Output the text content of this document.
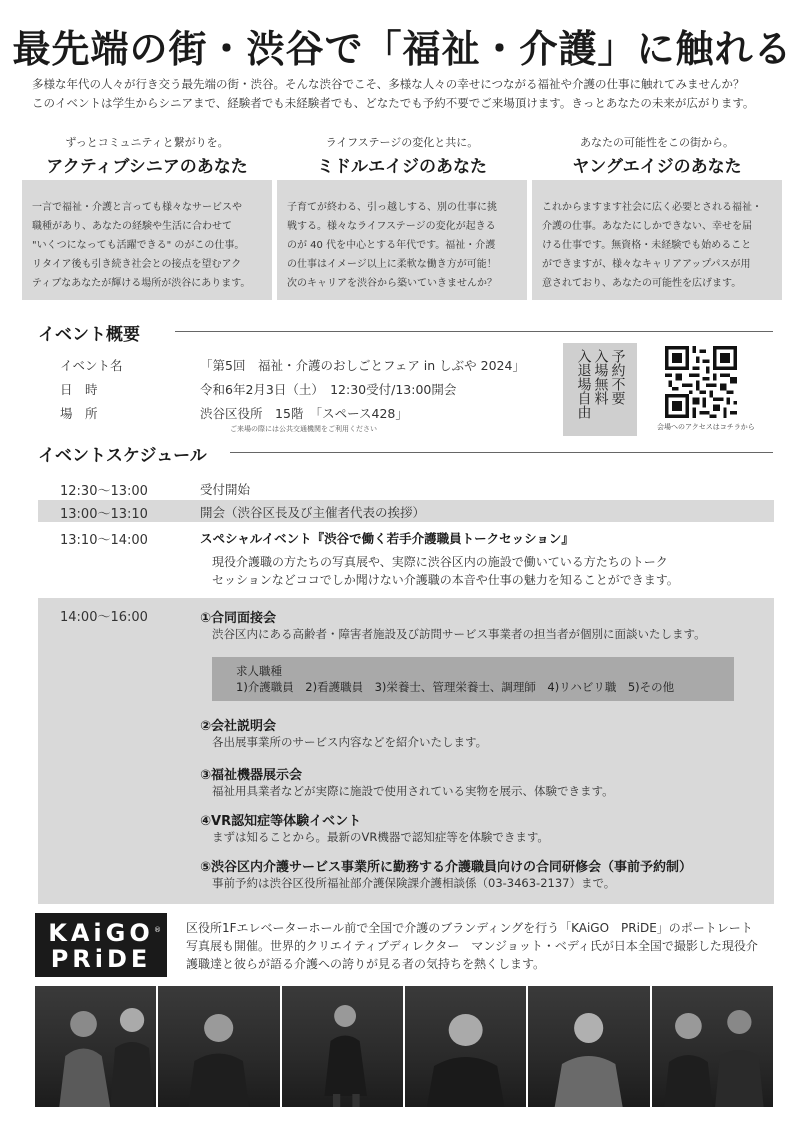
最先端の街・渋谷で「福祉・介護」に触れる
多様な年代の人々が行き交う最先端の街・渋谷。そんな渋谷でこそ、多様な人々の幸せにつながる福祉や介護の仕事に触れてみませんか？
このイベントは学生からシニアまで、経験者でも未経験者でも、どなたでも予約不要でご来場頂けます。きっとあなたの未来が広がります。
ずっとコミュニティと繋がりを。
アクティブシニアのあなた
一言で福祉・介護と言っても様々なサービスや
職種があり、あなたの経験や生活に合わせて
"いくつになっても活躍できる" のがこの仕事。
リタイア後も引き続き社会との接点を望むアク
ティブなあなたが輝ける場所が渋谷にあります。
ライフステージの変化と共に。
ミドルエイジのあなた
子育てが終わる、引っ越しする、別の仕事に挑
戦する。様々なライフステージの変化が起きる
のが 40 代を中心とする年代です。福祉・介護
の仕事はイメージ以上に柔軟な働き方が可能！
次のキャリアを渋谷から築いていきませんか？
あなたの可能性をこの街から。
ヤングエイジのあなた
これからますます社会に広く必要とされる福祉・
介護の仕事。あなたにしかできない、幸せを届
ける仕事です。無資格・未経験でも始めること
ができますが、様々なキャリアアップパスが用
意されており、あなたの可能性を広げます。
イベント概要
イベント名	「第5回　福祉・介護のおしごとフェア in しぶや 2024」
日　時	令和6年2月3日（土）　12:30受付/13:00開会
場　所	渋谷区役所　15階　「スペース428」
ご来場の際には公共交通機関をご利用ください
予約不要
入場無料
入退場自由
会場へのアクセスはコチラから
イベントスケジュール
12:30〜13:00	受付開始
13:00〜13:10	開会（渋谷区長及び主催者代表の挨拶）
13:10〜14:00	スペシャルイベント『渋谷で働く若手介護職員トークセッション』
現役介護職の方たちの写真展や、実際に渋谷区内の施設で働いている方たちのトーク
セッションなどココでしか聞けない介護職の本音や仕事の魅力を知ることができます。
14:00〜16:00	①合同面接会
渋谷区内にある高齢者・障害者施設及び訪問サービス事業者の担当者が個別に面談いたします。
求人職種
1)介護職員　2)看護職員　3)栄養士、管理栄養士、調理師　4)リハビリ職　5)その他
②会社説明会
各出展事業所のサービス内容などを紹介いたします。
③福祉機器展示会
福祉用具業者などが実際に施設で使用されている実物を展示、体験できます。
④VR認知症等体験イベント
まずは知ることから。最新のVR機器で認知症等を体験できます。
⑤渋谷区内介護サービス事業所に勤務する介護職員向けの合同研修会（事前予約制）
事前予約は渋谷区役所福祉部介護保険課介護相談係（03-3463-2137）まで。
®
KAiGO
PRiDE
区役所1Fエレベーターホール前で全国で介護のブランディングを行う「KAiGO　PRiDE」のポートレート
写真展も開催。世界的クリエイティブディレクター　マンジョット・ベディ氏が日本全国で撮影した現役介
護職達と彼らが語る介護への誇りが見る者の気持ちを熱くします。
